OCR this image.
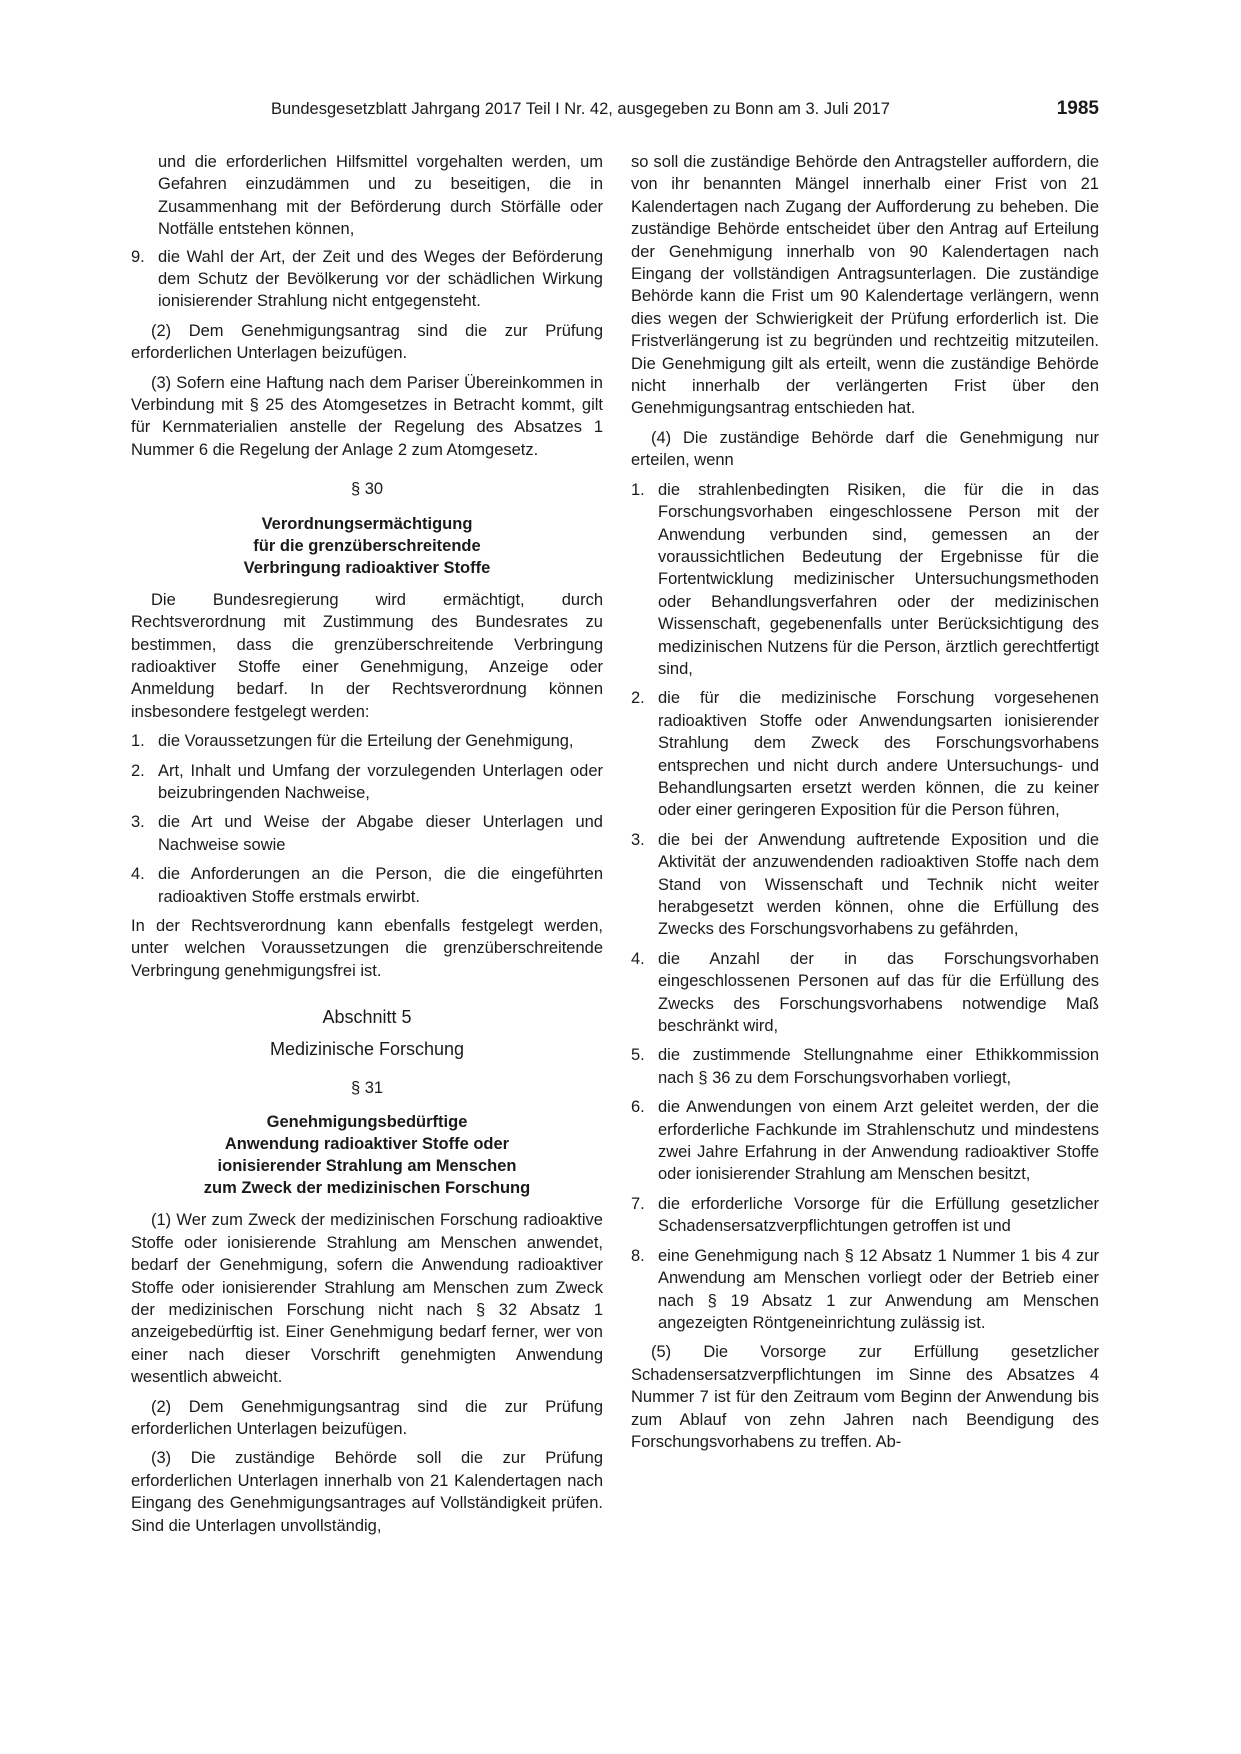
Bundesgesetzblatt Jahrgang 2017 Teil I Nr. 42, ausgegeben zu Bonn am 3. Juli 2017	1985

und die erforderlichen Hilfsmittel vorgehalten werden, um Gefahren einzudämmen und zu beseitigen, die in Zusammenhang mit der Beförderung durch Störfälle oder Notfälle entstehen können,

9. die Wahl der Art, der Zeit und des Weges der Beförderung dem Schutz der Bevölkerung vor der schädlichen Wirkung ionisierender Strahlung nicht entgegensteht.

(2) Dem Genehmigungsantrag sind die zur Prüfung erforderlichen Unterlagen beizufügen.

(3) Sofern eine Haftung nach dem Pariser Übereinkommen in Verbindung mit § 25 des Atomgesetzes in Betracht kommt, gilt für Kernmaterialien anstelle der Regelung des Absatzes 1 Nummer 6 die Regelung der Anlage 2 zum Atomgesetz.

§ 30
Verordnungsermächtigung
für die grenzüberschreitende
Verbringung radioaktiver Stoffe

Die Bundesregierung wird ermächtigt, durch Rechtsverordnung mit Zustimmung des Bundesrates zu bestimmen, dass die grenzüberschreitende Verbringung radioaktiver Stoffe einer Genehmigung, Anzeige oder Anmeldung bedarf. In der Rechtsverordnung können insbesondere festgelegt werden:

1. die Voraussetzungen für die Erteilung der Genehmigung,
2. Art, Inhalt und Umfang der vorzulegenden Unterlagen oder beizubringenden Nachweise,
3. die Art und Weise der Abgabe dieser Unterlagen und Nachweise sowie
4. die Anforderungen an die Person, die die eingeführten radioaktiven Stoffe erstmals erwirbt.

In der Rechtsverordnung kann ebenfalls festgelegt werden, unter welchen Voraussetzungen die grenzüberschreitende Verbringung genehmigungsfrei ist.

Abschnitt 5
Medizinische Forschung
§ 31
Genehmigungsbedürftige
Anwendung radioaktiver Stoffe oder
ionisierender Strahlung am Menschen
zum Zweck der medizinischen Forschung

(1) Wer zum Zweck der medizinischen Forschung radioaktive Stoffe oder ionisierende Strahlung am Menschen anwendet, bedarf der Genehmigung, sofern die Anwendung radioaktiver Stoffe oder ionisierender Strahlung am Menschen zum Zweck der medizinischen Forschung nicht nach § 32 Absatz 1 anzeigebedürftig ist. Einer Genehmigung bedarf ferner, wer von einer nach dieser Vorschrift genehmigten Anwendung wesentlich abweicht.

(2) Dem Genehmigungsantrag sind die zur Prüfung erforderlichen Unterlagen beizufügen.

(3) Die zuständige Behörde soll die zur Prüfung erforderlichen Unterlagen innerhalb von 21 Kalendertagen nach Eingang des Genehmigungsantrages auf Vollständigkeit prüfen. Sind die Unterlagen unvollständig,

so soll die zuständige Behörde den Antragsteller auffordern, die von ihr benannten Mängel innerhalb einer Frist von 21 Kalendertagen nach Zugang der Aufforderung zu beheben. Die zuständige Behörde entscheidet über den Antrag auf Erteilung der Genehmigung innerhalb von 90 Kalendertagen nach Eingang der vollständigen Antragsunterlagen. Die zuständige Behörde kann die Frist um 90 Kalendertage verlängern, wenn dies wegen der Schwierigkeit der Prüfung erforderlich ist. Die Fristverlängerung ist zu begründen und rechtzeitig mitzuteilen. Die Genehmigung gilt als erteilt, wenn die zuständige Behörde nicht innerhalb der verlängerten Frist über den Genehmigungsantrag entschieden hat.

(4) Die zuständige Behörde darf die Genehmigung nur erteilen, wenn

1. die strahlenbedingten Risiken, die für die in das Forschungsvorhaben eingeschlossene Person mit der Anwendung verbunden sind, gemessen an der voraussichtlichen Bedeutung der Ergebnisse für die Fortentwicklung medizinischer Untersuchungsmethoden oder Behandlungsverfahren oder der medizinischen Wissenschaft, gegebenenfalls unter Berücksichtigung des medizinischen Nutzens für die Person, ärztlich gerechtfertigt sind,
2. die für die medizinische Forschung vorgesehenen radioaktiven Stoffe oder Anwendungsarten ionisierender Strahlung dem Zweck des Forschungsvorhabens entsprechen und nicht durch andere Untersuchungs- und Behandlungsarten ersetzt werden können, die zu keiner oder einer geringeren Exposition für die Person führen,
3. die bei der Anwendung auftretende Exposition und die Aktivität der anzuwendenden radioaktiven Stoffe nach dem Stand von Wissenschaft und Technik nicht weiter herabgesetzt werden können, ohne die Erfüllung des Zwecks des Forschungsvorhabens zu gefährden,
4. die Anzahl der in das Forschungsvorhaben eingeschlossenen Personen auf das für die Erfüllung des Zwecks des Forschungsvorhabens notwendige Maß beschränkt wird,
5. die zustimmende Stellungnahme einer Ethikkommission nach § 36 zu dem Forschungsvorhaben vorliegt,
6. die Anwendungen von einem Arzt geleitet werden, der die erforderliche Fachkunde im Strahlenschutz und mindestens zwei Jahre Erfahrung in der Anwendung radioaktiver Stoffe oder ionisierender Strahlung am Menschen besitzt,
7. die erforderliche Vorsorge für die Erfüllung gesetzlicher Schadensersatzverpflichtungen getroffen ist und
8. eine Genehmigung nach § 12 Absatz 1 Nummer 1 bis 4 zur Anwendung am Menschen vorliegt oder der Betrieb einer nach § 19 Absatz 1 zur Anwendung am Menschen angezeigten Röntgeneinrichtung zulässig ist.

(5) Die Vorsorge zur Erfüllung gesetzlicher Schadensersatzverpflichtungen im Sinne des Absatzes 4 Nummer 7 ist für den Zeitraum vom Beginn der Anwendung bis zum Ablauf von zehn Jahren nach Beendigung des Forschungsvorhabens zu treffen. Ab-
